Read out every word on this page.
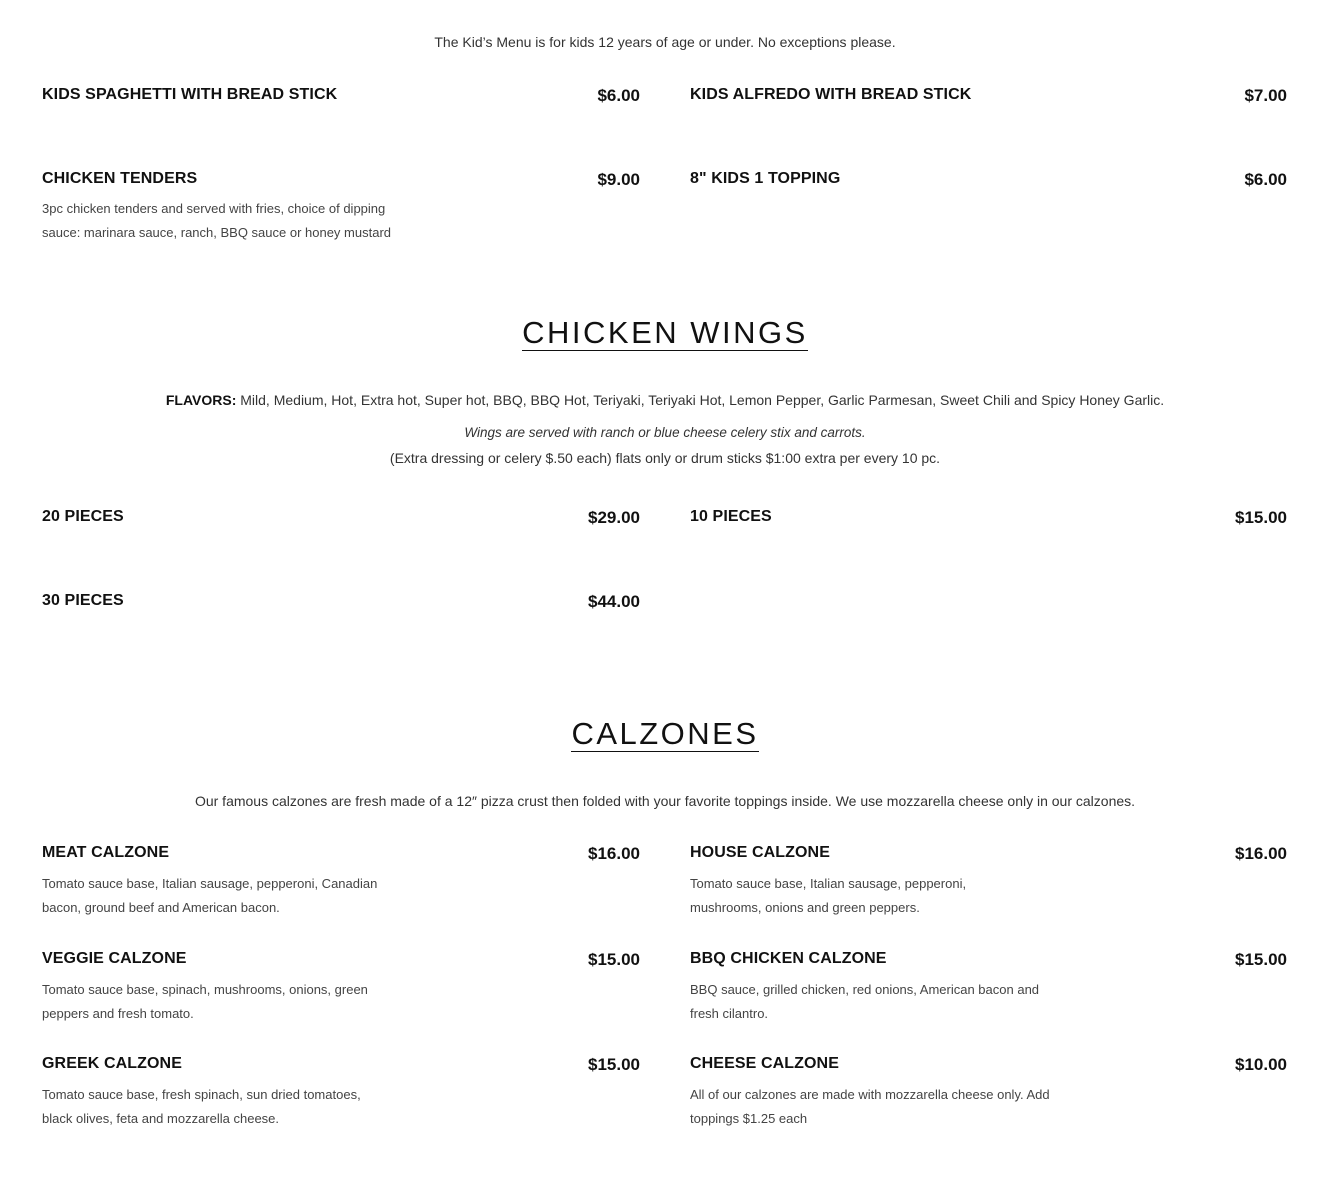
The Kid’s Menu is for kids 12 years of age or under. No exceptions please.
KIDS SPAGHETTI WITH BREAD STICK	$6.00	KIDS ALFREDO WITH BREAD STICK	$7.00
CHICKEN TENDERS	$9.00
3pc chicken tenders and served with fries, choice of dipping sauce: marinara sauce, ranch, BBQ sauce or honey mustard
8" KIDS 1 TOPPING	$6.00
CHICKEN WINGS
FLAVORS: Mild, Medium, Hot, Extra hot, Super hot, BBQ, BBQ Hot, Teriyaki, Teriyaki Hot, Lemon Pepper, Garlic Parmesan, Sweet Chili and Spicy Honey Garlic.
Wings are served with ranch or blue cheese celery stix and carrots.
(Extra dressing or celery $.50 each) flats only or drum sticks $1:00 extra per every 10 pc.
20 PIECES	$29.00	10 PIECES	$15.00
30 PIECES	$44.00
CALZONES
Our famous calzones are fresh made of a 12″ pizza crust then folded with your favorite toppings inside. We use mozzarella cheese only in our calzones.
MEAT CALZONE	$16.00
Tomato sauce base, Italian sausage, pepperoni, Canadian bacon, ground beef and American bacon.
HOUSE CALZONE	$16.00
Tomato sauce base, Italian sausage, pepperoni, mushrooms, onions and green peppers.
VEGGIE CALZONE	$15.00
Tomato sauce base, spinach, mushrooms, onions, green peppers and fresh tomato.
BBQ CHICKEN CALZONE	$15.00
BBQ sauce, grilled chicken, red onions, American bacon and fresh cilantro.
GREEK CALZONE	$15.00
Tomato sauce base, fresh spinach, sun dried tomatoes, black olives, feta and mozzarella cheese.
CHEESE CALZONE	$10.00
All of our calzones are made with mozzarella cheese only. Add toppings $1.25 each
